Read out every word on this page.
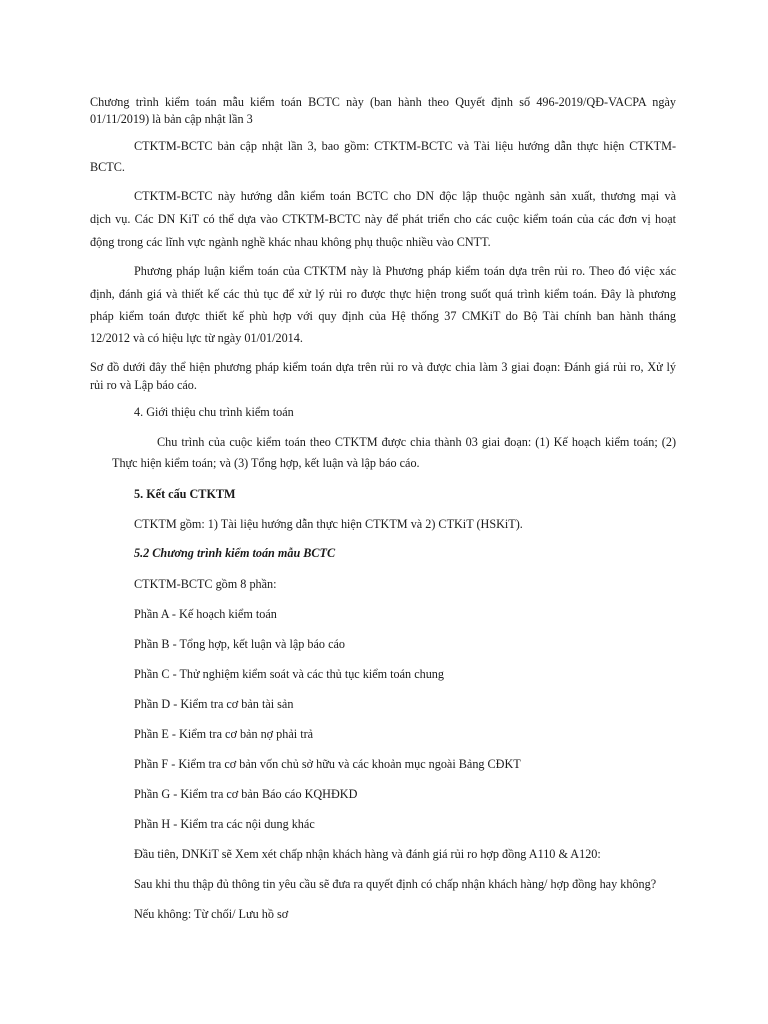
Chương trình kiểm toán mẫu kiểm toán BCTC này (ban hành theo Quyết định số 496-2019/QĐ-VACPA ngày
01/11/2019) là bản cập nhật lần 3
CTKTM-BCTC bản cập nhật lần 3, bao gồm: CTKTM-BCTC và Tài liệu hướng dẫn thực hiện CTKTM-
BCTC.
CTKTM-BCTC này hướng dẫn kiểm toán BCTC cho DN độc lập thuộc ngành sản xuất, thương mại và
dịch vụ. Các DN KiT có thể dựa vào CTKTM-BCTC này để phát triển cho các cuộc kiểm toán của các đơn vị hoạt
động trong các lĩnh vực ngành nghề khác nhau không phụ thuộc nhiều vào CNTT.
Phương pháp luận kiểm toán của CTKTM này là Phương pháp kiểm toán dựa trên rủi ro. Theo đó việc xác
định, đánh giá và thiết kế các thủ tục để xử lý rủi ro được thực hiện trong suốt quá trình kiểm toán. Đây là phương
pháp kiểm toán được thiết kế phù hợp với quy định của Hệ thống 37 CMKiT do Bộ Tài chính ban hành tháng
12/2012 và có hiệu lực từ ngày 01/01/2014.
Sơ đồ dưới đây thể hiện phương pháp kiểm toán dựa trên rủi ro và được chia làm 3 giai đoạn: Đánh giá rủi ro, Xử lý
rủi ro và Lập báo cáo.
4. Giới thiệu chu trình kiểm toán
Chu trình của cuộc kiểm toán theo CTKTM được chia thành 03 giai đoạn: (1) Kế hoạch kiểm toán; (2)
Thực hiện kiểm toán; và (3) Tổng hợp, kết luận và lập báo cáo.
5. Kết cấu CTKTM
CTKTM gồm: 1) Tài liệu hướng dẫn thực hiện CTKTM và 2) CTKiT (HSKiT).
5.2 Chương trình kiểm toán mẫu BCTC
CTKTM-BCTC gồm 8 phần:
Phần A - Kế hoạch kiểm toán
Phần B - Tổng hợp, kết luận và lập báo cáo
Phần C - Thử nghiệm kiểm soát và các thủ tục kiểm toán chung
Phần D - Kiểm tra cơ bản tài sản
Phần E - Kiểm tra cơ bản nợ phải trả
Phần F - Kiểm tra cơ bản vốn chủ sở hữu và các khoản mục ngoài Bảng CĐKT
Phần G - Kiểm tra cơ bản Báo cáo KQHĐKD
Phần H - Kiểm tra các nội dung khác
Đầu tiên, DNKiT sẽ Xem xét chấp nhận khách hàng và đánh giá rủi ro hợp đồng A110 & A120:
Sau khi thu thập đủ thông tin yêu cầu sẽ đưa ra quyết định có chấp nhận khách hàng/ hợp đồng hay không?
Nếu không: Từ chối/ Lưu hồ sơ
